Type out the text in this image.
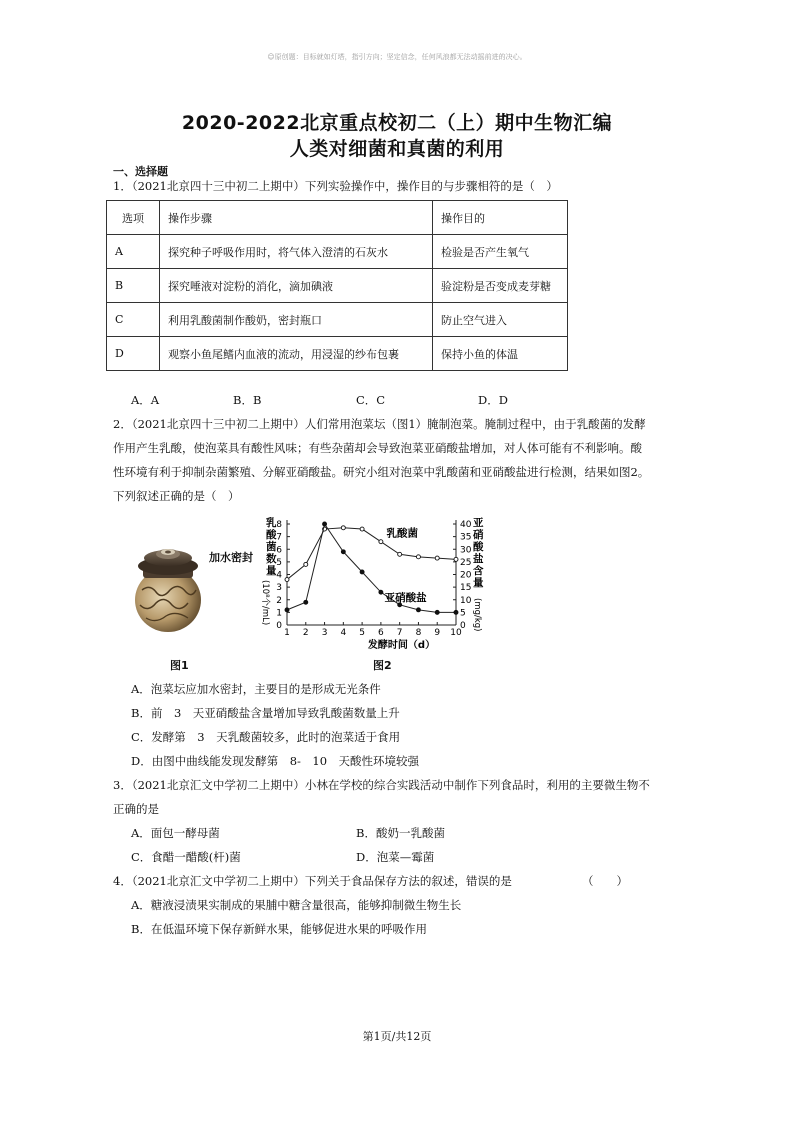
☺原创题：目标就如灯塔，指引方向；坚定信念，任何风浪都无法动摇前进的决心。
2020-2022北京重点校初二（上）期中生物汇编
人类对细菌和真菌的利用
一、选择题
1．（2021北京四十三中初二上期中）下列实验操作中，操作目的与步骤相符的是（　）
选项	操作步骤	操作目的
A	探究种子呼吸作用时，将气体入澄清的石灰水	检验是否产生氧气
B	探究唾液对淀粉的消化，滴加碘液	验淀粉是否变成麦芽糖
C	利用乳酸菌制作酸奶，密封瓶口	防止空气进入
D	观察小鱼尾鳍内血液的流动，用浸湿的纱布包裹	保持小鱼的体温
A．A	B．B	C．C	D．D
2．（2021北京四十三中初二上期中）人们常用泡菜坛（图1）腌制泡菜。腌制过程中，由于乳酸菌的发酵
作用产生乳酸，使泡菜具有酸性风味；有些杂菌却会导致泡菜亚硝酸盐增加，对人体可能有不利影响。酸
性环境有利于抑制杂菌繁殖、分解亚硝酸盐。研究小组对泡菜中乳酸菌和亚硝酸盐进行检测，结果如图2。
下列叙述正确的是（　）
加水密封
图1
0
1
2
3
4
5
6
7
8
0
5
10
15
20
25
30
35
40
1 2 3 4 5 6 7 8 9 10
乳酸菌数量
(10⁸个/mL)
亚硝酸盐含量
(mg/kg)
发酵时间（d）
乳酸菌
亚硝酸盐
图2
A．泡菜坛应加水密封，主要目的是形成无光条件
B．前　3　天亚硝酸盐含量增加导致乳酸菌数量上升
C．发酵第　3　天乳酸菌较多，此时的泡菜适于食用
D．由图中曲线能发现发酵第　8-　10　天酸性环境较强
3．（2021北京汇文中学初二上期中）小林在学校的综合实践活动中制作下列食品时，利用的主要微生物不
正确的是
A．面包一酵母菌	B．酸奶一乳酸菌
C．食醋一醋酸(杆)菌	D．泡菜—霉菌
4．（2021北京汇文中学初二上期中）下列关于食品保存方法的叙述，错误的是	（　　）
A．糖液浸渍果实制成的果脯中糖含量很高，能够抑制微生物生长
B．在低温环境下保存新鲜水果，能够促进水果的呼吸作用
第1页/共12页
